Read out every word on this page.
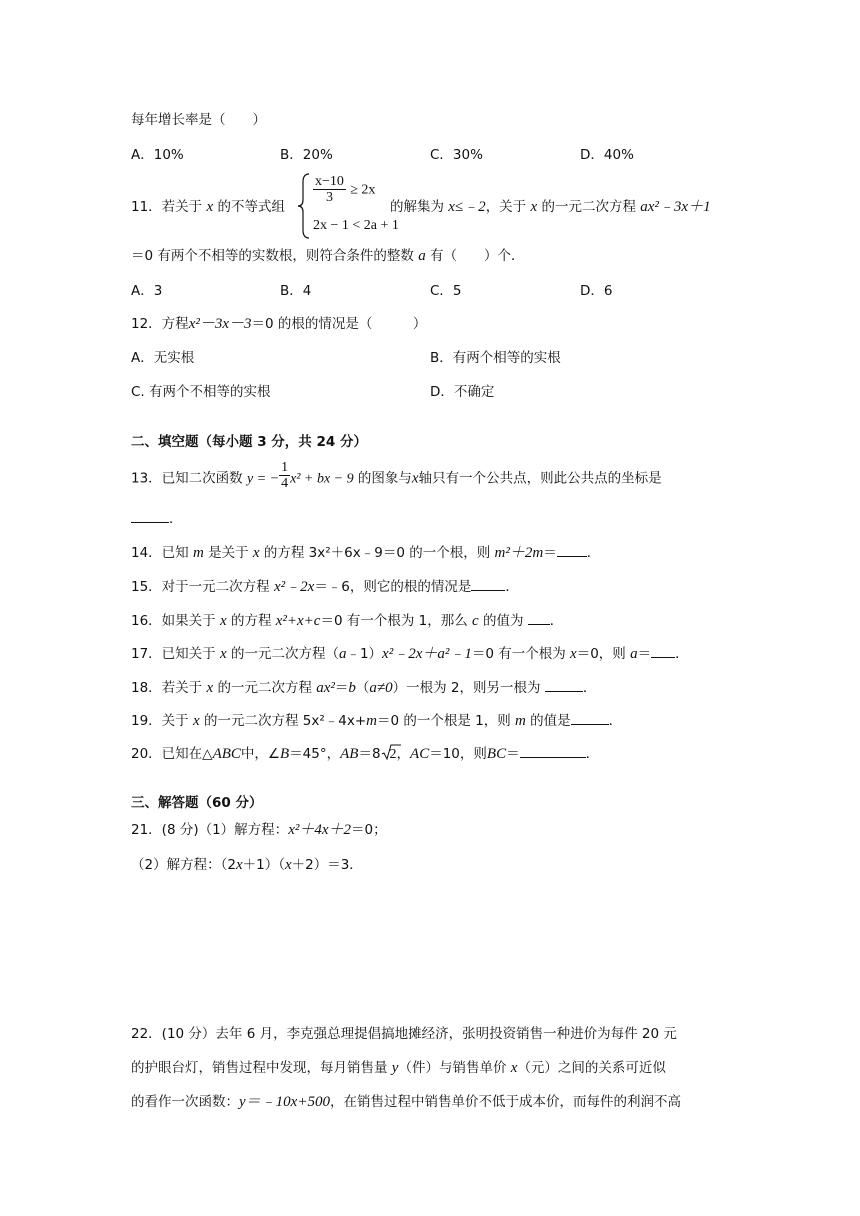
每年增长率是（　　）
A．10%	B．20%	C．30%	D．40%
11．若关于 x 的不等式组
$\frac{x-10}{3} \ge 2x$
2x − 1 < 2a + 1
的解集为 x≤﹣2，关于 x 的一元二次方程 ax²﹣3x＋1
＝0 有两个不相等的实数根，则符合条件的整数 a 有（　　）个．
A．3	B．4	C．5	D．6
12．方程x²－3x－3＝0 的根的情况是（　　　）
A．无实根	B．有两个相等的实根
C. 有两个不相等的实根	D．不确定
二、填空题（每小题 3 分，共 24 分）
13．已知二次函数 y = − $\frac{1}{4} x^2$ + bx − 9 的图象与x轴只有一个公共点，则此公共点的坐标是
．
14．已知 m 是关于 x 的方程 3x²＋6x﹣9＝0 的一个根，则 m²＋2m＝ ．
15．对于一元二次方程 x²﹣2x＝﹣6，则它的根的情况是	．
16．如果关于 x 的方程 x²+x+c＝0 有一个根为 1，那么 c 的值为 ．
17．已知关于 x 的一元二次方程（a﹣1）x²﹣2x＋a²﹣1＝0 有一个根为 x＝0，则 a＝ ．
18．若关于 x 的一元二次方程 ax²＝b（a≠0）一根为 2，则另一根为	．
19．关于 x 的一元二次方程 5x²﹣4x+m＝0 的一个根是 1，则 m 的值是	．
20．已知在△ABC中，∠B＝45°，AB＝8 2，AC＝10，则BC＝	．
三、解答题（60 分）
21．(8 分)（1）解方程：x²＋4x＋2＝0；
（2）解方程：（2x＋1）（x＋2）＝3．
22．(10 分）去年 6 月，李克强总理提倡搞地摊经济，张明投资销售一种进价为每件 20 元
的护眼台灯，销售过程中发现，每月销售量 y（件）与销售单价 x（元）之间的关系可近似
的看作一次函数：y＝﹣10x+500，在销售过程中销售单价不低于成本价，而每件的利润不高
